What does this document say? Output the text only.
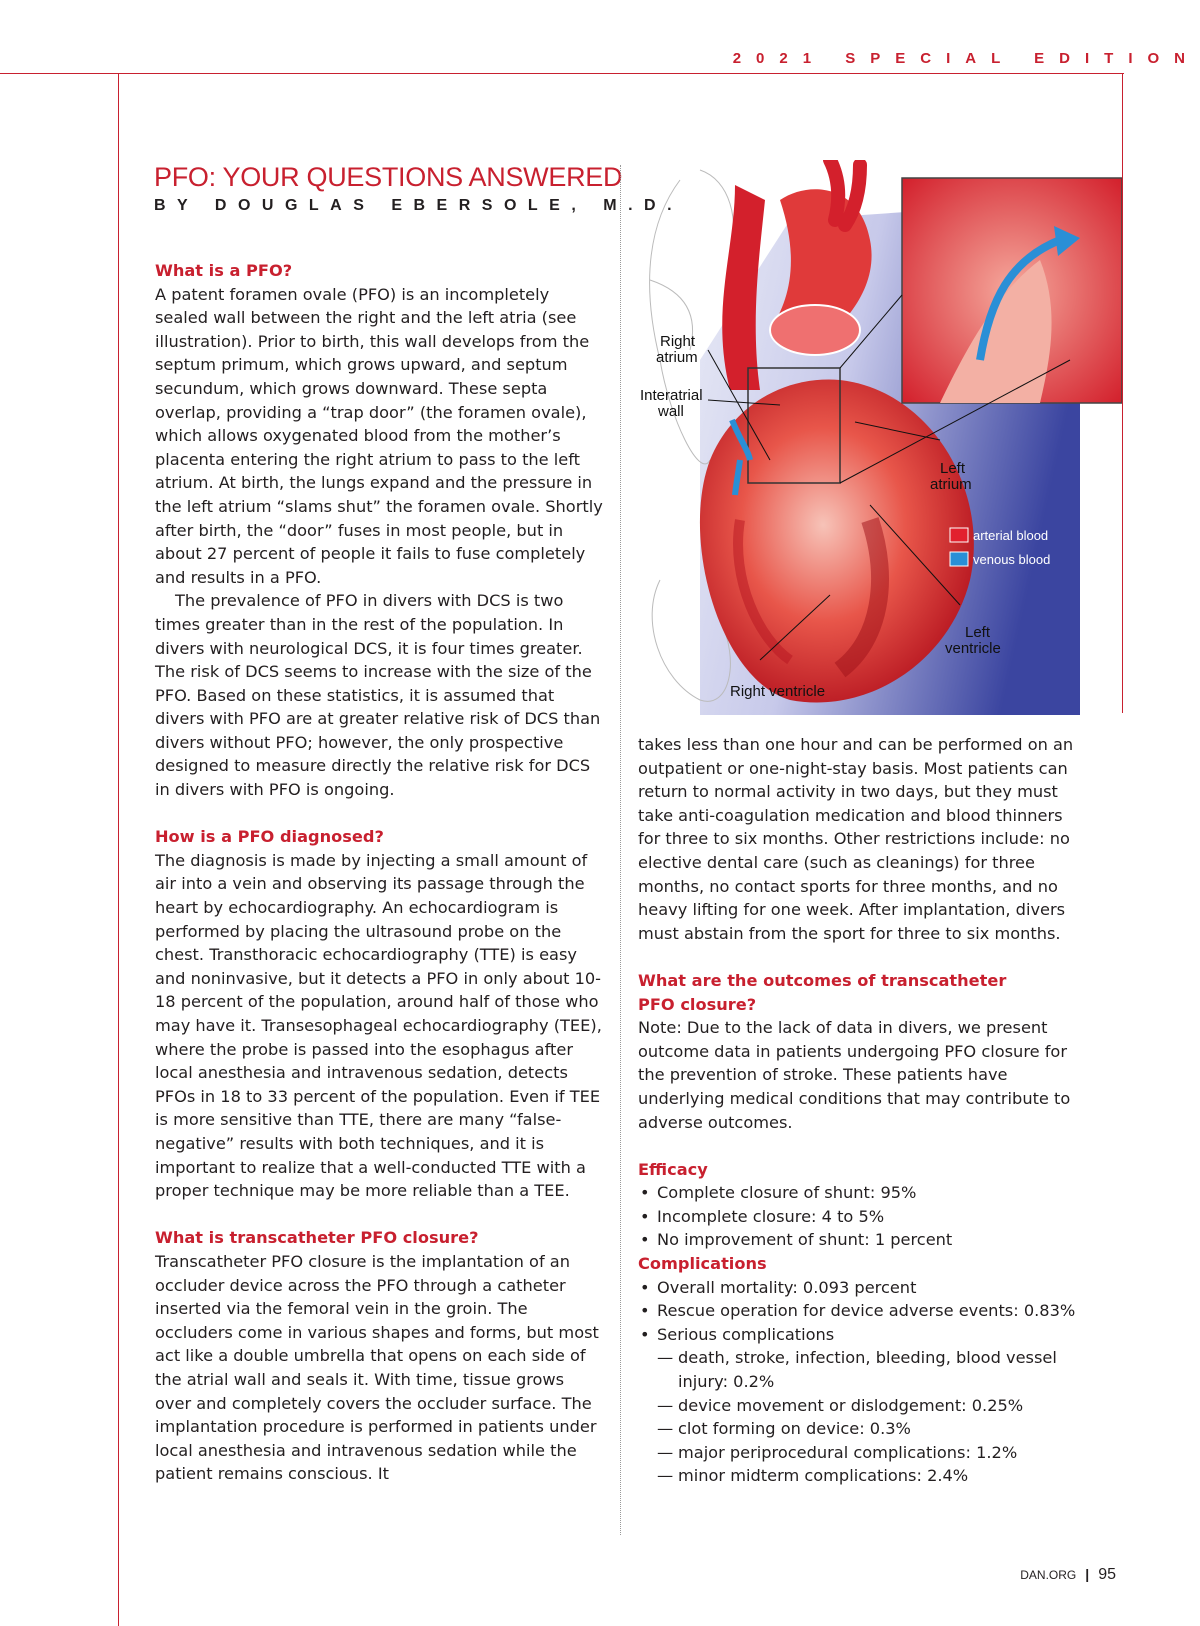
2021 SPECIAL EDITION
PFO: YOUR QUESTIONS ANSWERED
BY DOUGLAS EBERSOLE, M.D.

What is a PFO?

A patent foramen ovale (PFO) is an incompletely sealed wall between the right and the left atria (see illustration). Prior to birth, this wall develops from the septum primum, which grows upward, and septum secundum, which grows downward. These septa overlap, providing a “trap door” (the foramen ovale), which allows oxygenated blood from the mother’s placenta entering the right atrium to pass to the left atrium. At birth, the lungs expand and the pressure in the left atrium “slams shut” the foramen ovale. Shortly after birth, the “door” fuses in most people, but in about 27 percent of people it fails to fuse completely and results in a PFO.

The prevalence of PFO in divers with DCS is two times greater than in the rest of the population. In divers with neurological DCS, it is four times greater. The risk of DCS seems to increase with the size of the PFO. Based on these statistics, it is assumed that divers with PFO are at greater relative risk of DCS than divers without PFO; however, the only prospective designed to measure directly the relative risk for DCS in divers with PFO is ongoing.

How is a PFO diagnosed?

The diagnosis is made by injecting a small amount of air into a vein and observing its passage through the heart by echocardiography. An echocardiogram is performed by placing the ultrasound probe on the chest. Transthoracic echocardiography (TTE) is easy and noninvasive, but it detects a PFO in only about 10-18 percent of the population, around half of those who may have it. Transesophageal echocardiography (TEE), where the probe is passed into the esophagus after local anesthesia and intravenous sedation, detects PFOs in 18 to 33 percent of the population. Even if TEE is more sensitive than TTE, there are many “false-negative” results with both techniques, and it is important to realize that a well-conducted TTE with a proper technique may be more reliable than a TEE.

What is transcatheter PFO closure?

Transcatheter PFO closure is the implantation of an occluder device across the PFO through a catheter inserted via the femoral vein in the groin. The occluders come in various shapes and forms, but most act like a double umbrella that opens on each side of the atrial wall and seals it. With time, tissue grows over and completely covers the occluder surface. The implantation procedure is performed in patients under local anesthesia and intravenous sedation while the patient remains conscious. It

Right
atrium
Interatrial
wall
Left
atrium
Left
ventricle
Right ventricle
arterial blood
venous blood

takes less than one hour and can be performed on an outpatient or one-night-stay basis. Most patients can return to normal activity in two days, but they must take anti-coagulation medication and blood thinners for three to six months. Other restrictions include: no elective dental care (such as cleanings) for three months, no contact sports for three months, and no heavy lifting for one week. After implantation, divers must abstain from the sport for three to six months.

What are the outcomes of transcatheter

PFO closure?

Note: Due to the lack of data in divers, we present outcome data in patients undergoing PFO closure for the prevention of stroke. These patients have underlying medical conditions that may contribute to adverse outcomes.

Efficacy

• Complete closure of shunt: 95%
• Incomplete closure: 4 to 5%
• No improvement of shunt: 1 percent

Complications

• Overall mortality: 0.093 percent
• Rescue operation for device adverse events: 0.83%
• Serious complications
— death, stroke, infection, bleeding, blood vessel injury: 0.2%
— device movement or dislodgement: 0.25%
— clot forming on device: 0.3%
— major periprocedural complications: 1.2%
— minor midterm complications: 2.4%
DAN.ORG | 95
